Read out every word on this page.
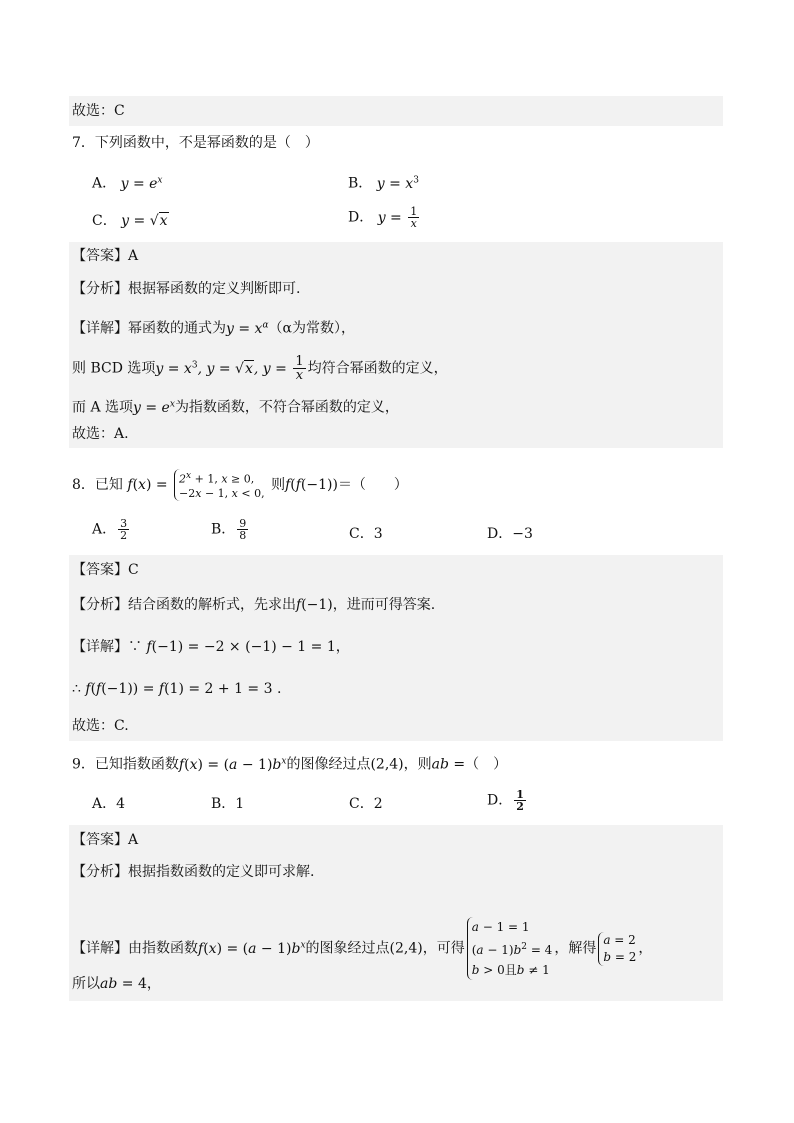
故选：C
7．下列函数中，不是幂函数的是（　）
A． $y = e^x$	B． $y = x^3$
C． y = √x	D． $y = \frac{1}{x}$
【答案】A
【分析】根据幂函数的定义判断即可.
【详解】幂函数的通式为$y = x^\alpha(\alpha$为常数），
则 BCD 选项$y = x^3$, y = √x, $y = \frac{1}{x}$ 均符合幂函数的定义，
而 A 选项$y = e^x$为指数函数，不符合幂函数的定义，
故选：A.
8．已知 $f(x) = 2^x + 1$, x ≥ 0,
−2x − 1, x < 0,
则f(f(−1))＝（　　）
A． $\frac{3}{2}$	B． $\frac{9}{8}$	C．3	D．−3
【答案】C
【分析】结合函数的解析式，先求出f(−1)，进而可得答案.
【详解】∵ f(−1) = −2 × (−1) − 1 = 1，
∴ f(f(−1)) = f(1) = 2 + 1 = 3 .
故选：C.
9．已知指数函数$f(x) = (a - 1)b^x$的图像经过点(2,4)，则ab =（　）
A．4	B．1	C．2	D． $\frac{1}{2}$
【答案】A
【分析】根据指数函数的定义即可求解.
【详解】由指数函数$f(x) = (a - 1)b^x$的图象经过点(2,4)，可得
a − 1 = 1
$(a - 1)b^2 = 4$
b > 0且b ≠ 1
，解得
a = 2
b = 2 ，
所以ab = 4，
